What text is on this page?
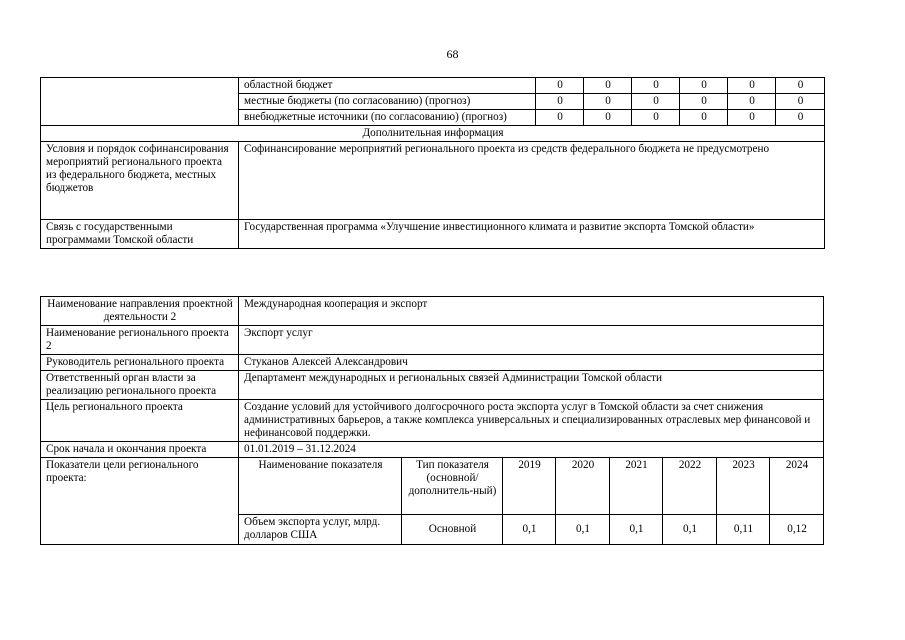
68
	областной бюджет	0	0	0	0	0	0
	местные бюджеты (по согласованию) (прогноз)	0	0	0	0	0	0
	внебюджетные источники (по согласованию) (прогноз)	0	0	0	0	0	0
Дополнительная информация							
Условия и порядок софинансирования мероприятий регионального проекта из федерального бюджета, местных бюджетов	Софинансирование мероприятий регионального проекта из средств федерального бюджета не предусмотрено						
Связь с государственными программами Томской области	Государственная программа «Улучшение инвестиционного климата и развитие экспорта Томской области»						
Наименование направления проектной деятельности 2	Международная кооперация и экспорт							
Наименование регионального проекта 2	Экспорт услуг							
Руководитель регионального проекта	Стуканов Алексей Александрович							
Ответственный орган власти за реализацию регионального проекта	Департамент международных и региональных связей Администрации Томской области							
Цель регионального проекта	Создание условий для устойчивого долгосрочного роста экспорта услуг в Томской области за счет снижения административных барьеров, а также комплекса универсальных и специализированных отраслевых мер финансовой и нефинансовой поддержки.							
Срок начала и окончания проекта	01.01.2019 – 31.12.2024							
Показатели цели регионального проекта:	Наименование показателя	Тип показателя (основной/ дополнитель-ный)	2019	2020	2021	2022	2023	2024
	Объем экспорта услуг, млрд. долларов США	Основной	0,1	0,1	0,1	0,1	0,11	0,12
